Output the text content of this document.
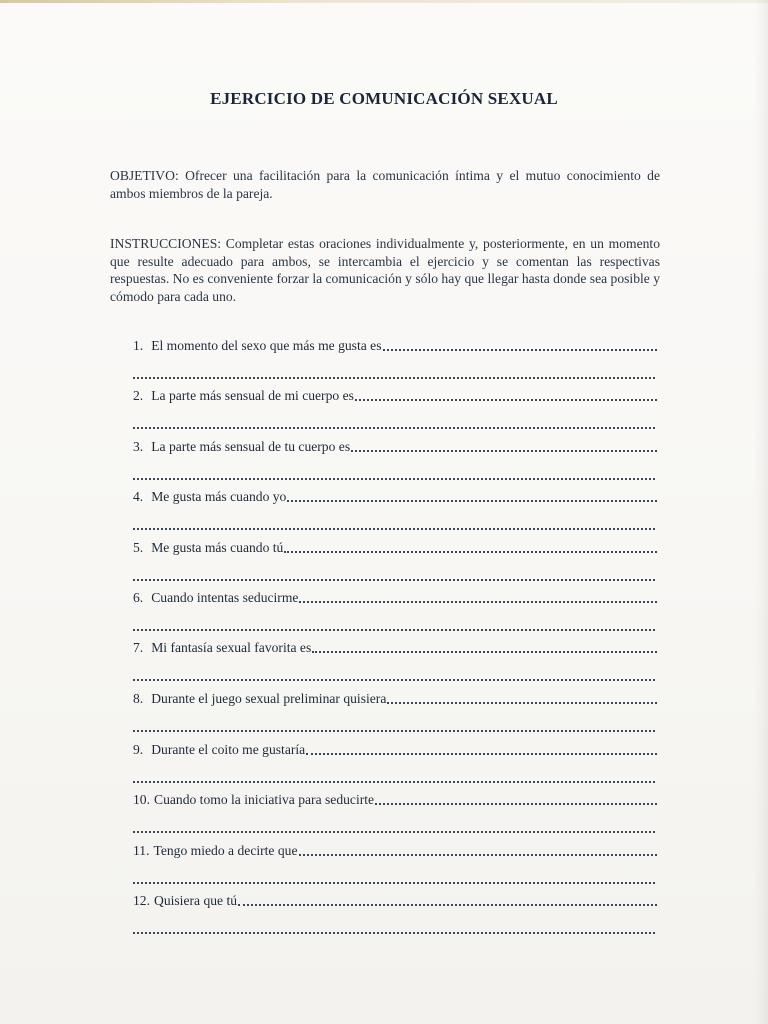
EJERCICIO DE COMUNICACIÓN SEXUAL
OBJETIVO: Ofrecer una facilitación para la comunicación íntima y el mutuo conocimiento de ambos miembros de la pareja.
INSTRUCCIONES: Completar estas oraciones individualmente y, posteriormente, en un momento que resulte adecuado para ambos, se intercambia el ejercicio y se comentan las respectivas respuestas. No es conveniente forzar la comunicación y sólo hay que llegar hasta donde sea posible y cómodo para cada uno.
1. El momento del sexo que más me gusta es
2. La parte más sensual de mi cuerpo es
3. La parte más sensual de tu cuerpo es
4. Me gusta más cuando yo
5. Me gusta más cuando tú
6. Cuando intentas seducirme
7. Mi fantasía sexual favorita es
8. Durante el juego sexual preliminar quisiera
9. Durante el coito me gustaría
10. Cuando tomo la iniciativa para seducirte
11. Tengo miedo a decirte que
12. Quisiera que tú
